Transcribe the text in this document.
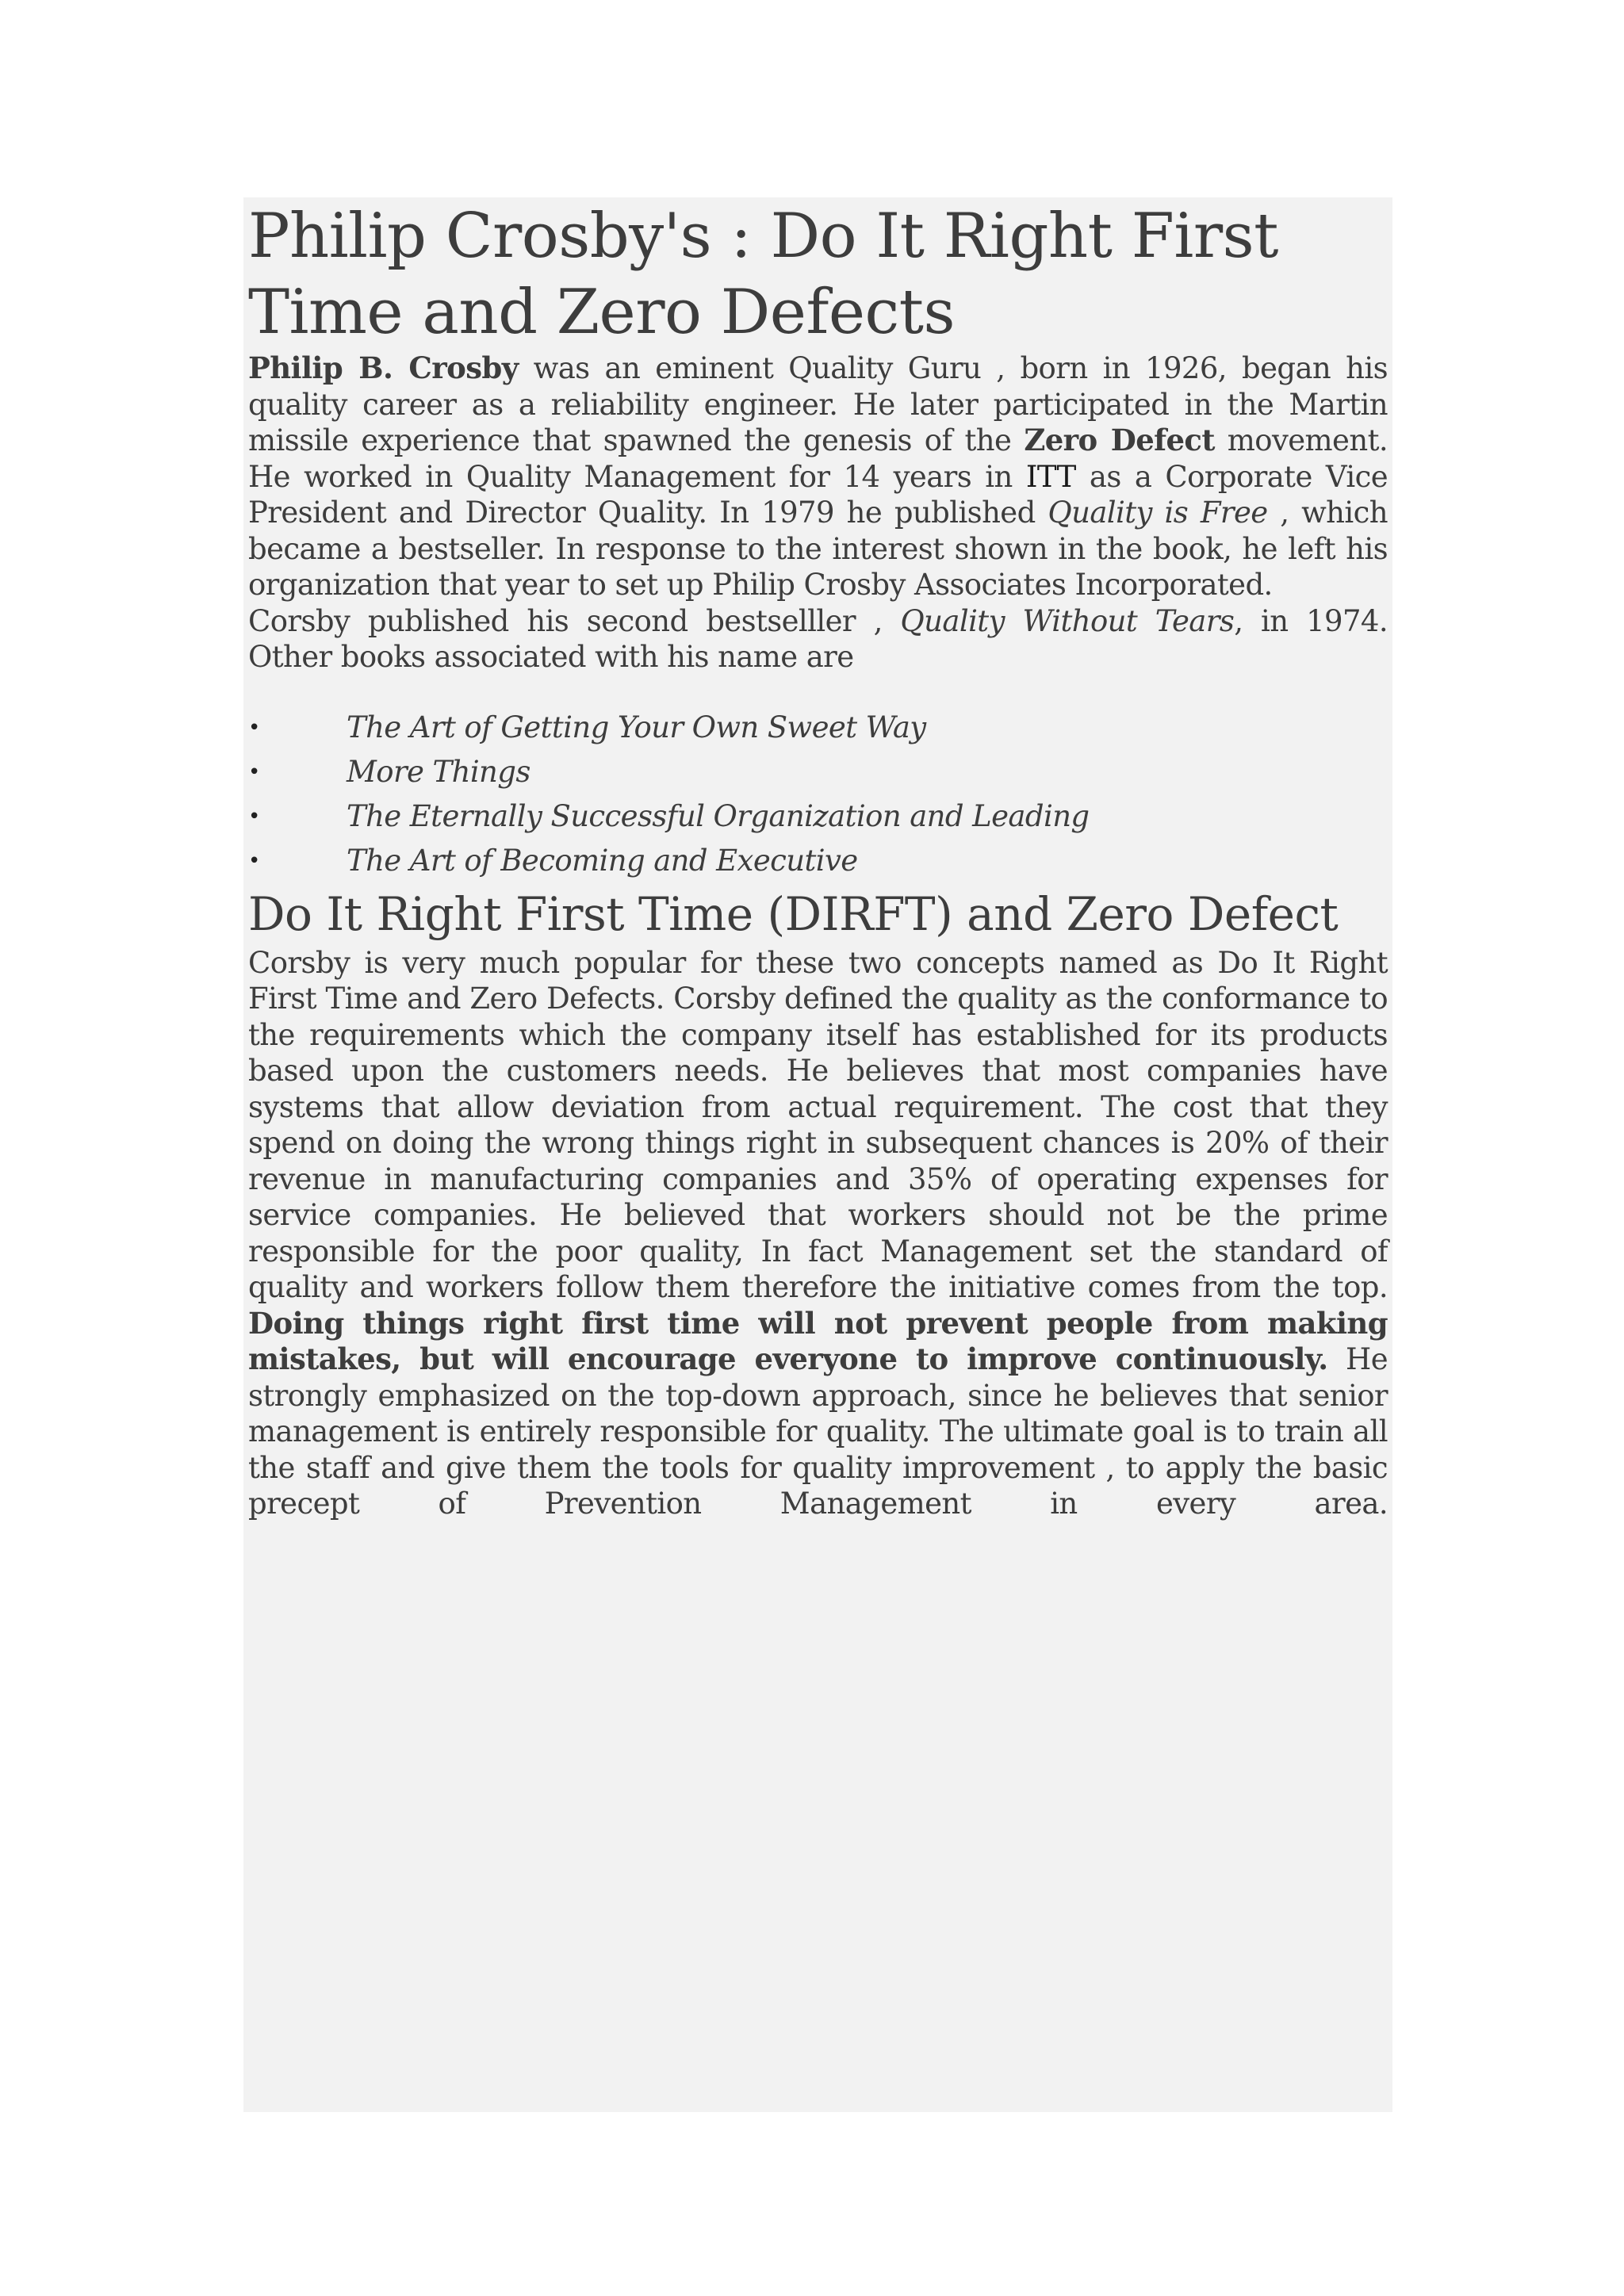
Philip Crosby's : Do It Right First Time and Zero Defects

Philip B. Crosby was an eminent Quality Guru , born in 1926, began his quality career as a reliability engineer. He later participated in the Martin missile experience that spawned the genesis of the Zero Defect movement. He worked in Quality Management for 14 years in ITT as a Corporate Vice President and Director Quality. In 1979 he published Quality is Free , which became a bestseller. In response to the interest shown in the book, he left his organization that year to set up Philip Crosby Associates Incorporated.

Corsby published his second bestselller , Quality Without Tears, in 1974. Other books associated with his name are

•	The Art of Getting Your Own Sweet Way
•	More Things
•	The Eternally Successful Organization and Leading
•	The Art of Becoming and Executive
Do It Right First Time (DIRFT) and Zero Defect

Corsby is very much popular for these two concepts named as Do It Right First Time and Zero Defects. Corsby defined the quality as the conformance to the requirements which the company itself has established for its products based upon the customers needs. He believes that most companies have systems that allow deviation from actual requirement. The cost that they spend on doing the wrong things right in subsequent chances is 20% of their revenue in manufacturing companies and 35% of operating expenses for service companies. He believed that workers should not be the prime responsible for the poor quality, In fact Management set the standard of quality and workers follow them therefore the initiative comes from the top. Doing things right first time will not prevent people from making mistakes, but will encourage everyone to improve continuously. He strongly emphasized on the top-down approach, since he believes that senior management is entirely responsible for quality. The ultimate goal is to train all the staff and give them the tools for quality improvement , to apply the basic precept of Prevention Management in every area.
